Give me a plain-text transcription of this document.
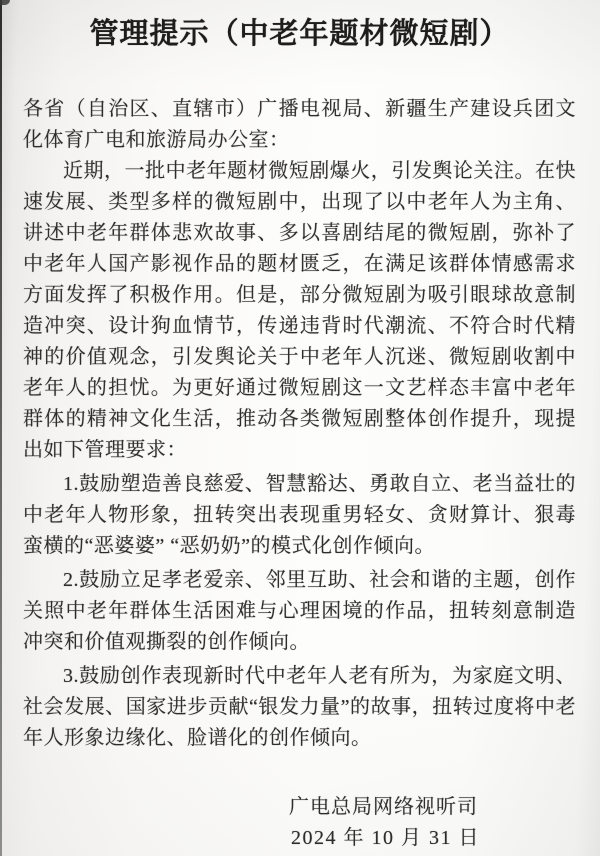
管理提示（中老年题材微短剧）

各省（自治区、直辖市）广播电视局、新疆生产建设兵团文化体育广电和旅游局办公室：

近期，一批中老年题材微短剧爆火，引发舆论关注。在快速发展、类型多样的微短剧中，出现了以中老年人为主角、讲述中老年群体悲欢故事、多以喜剧结尾的微短剧，弥补了中老年人国产影视作品的题材匮乏，在满足该群体情感需求方面发挥了积极作用。但是，部分微短剧为吸引眼球故意制造冲突、设计狗血情节，传递违背时代潮流、不符合时代精神的价值观念，引发舆论关于中老年人沉迷、微短剧收割中老年人的担忧。为更好通过微短剧这一文艺样态丰富中老年群体的精神文化生活，推动各类微短剧整体创作提升，现提出如下管理要求：

1.鼓励塑造善良慈爱、智慧豁达、勇敢自立、老当益壮的中老年人物形象，扭转突出表现重男轻女、贪财算计、狠毒蛮横的“恶婆婆” “恶奶奶”的模式化创作倾向。

2.鼓励立足孝老爱亲、邻里互助、社会和谐的主题，创作关照中老年群体生活困难与心理困境的作品，扭转刻意制造冲突和价值观撕裂的创作倾向。

3.鼓励创作表现新时代中老年人老有所为，为家庭文明、社会发展、国家进步贡献“银发力量”的故事，扭转过度将中老年人形象边缘化、脸谱化的创作倾向。

广电总局网络视听司
2024 年 10 月 31 日
